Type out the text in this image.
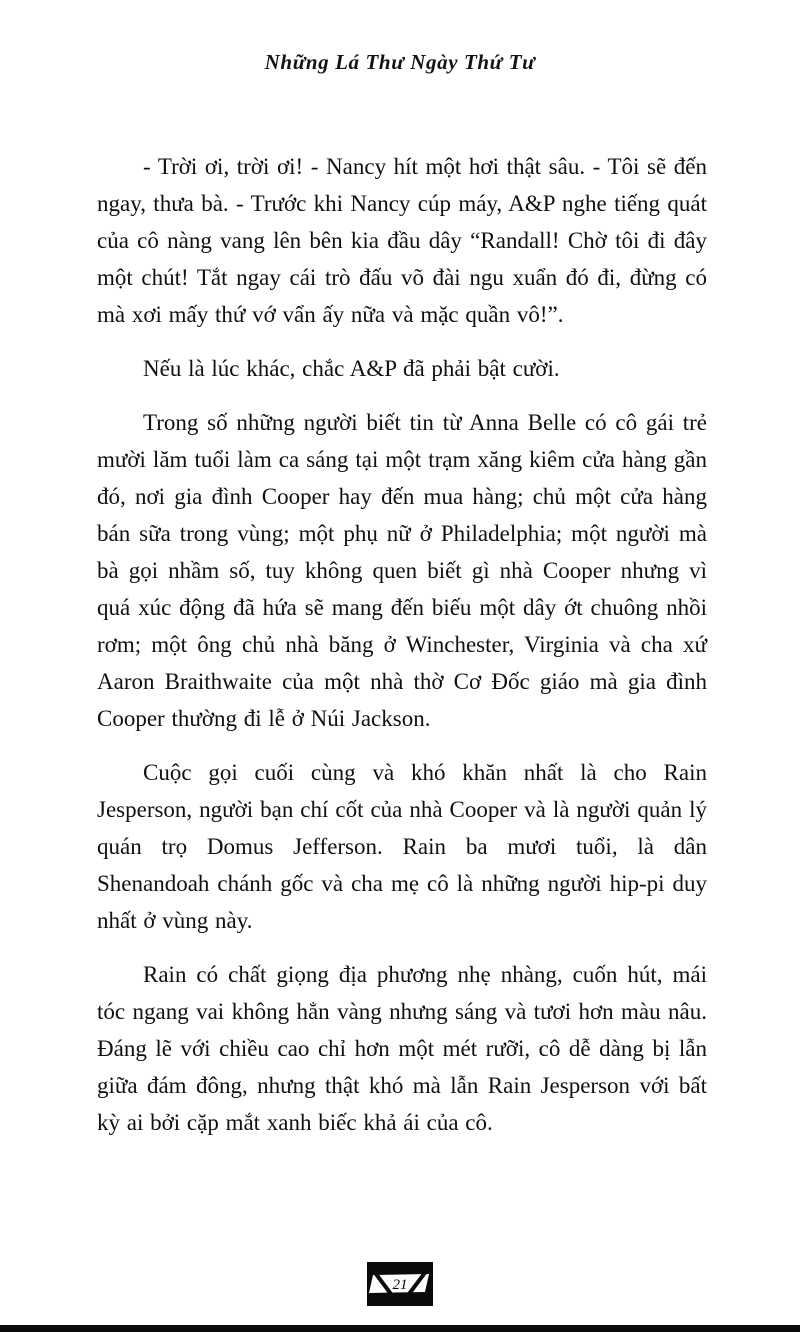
Những Lá Thư Ngày Thứ Tư

- Trời ơi, trời ơi! - Nancy hít một hơi thật sâu. - Tôi sẽ đến ngay, thưa bà. - Trước khi Nancy cúp máy, A&P nghe tiếng quát của cô nàng vang lên bên kia đầu dây “Randall! Chờ tôi đi đây một chút! Tắt ngay cái trò đấu võ đài ngu xuẩn đó đi, đừng có mà xơi mấy thứ vớ vẩn ấy nữa và mặc quần vô!”.

Nếu là lúc khác, chắc A&P đã phải bật cười.

Trong số những người biết tin từ Anna Belle có cô gái trẻ mười lăm tuổi làm ca sáng tại một trạm xăng kiêm cửa hàng gần đó, nơi gia đình Cooper hay đến mua hàng; chủ một cửa hàng bán sữa trong vùng; một phụ nữ ở Philadelphia; một người mà bà gọi nhầm số, tuy không quen biết gì nhà Cooper nhưng vì quá xúc động đã hứa sẽ mang đến biếu một dây ớt chuông nhồi rơm; một ông chủ nhà băng ở Winchester, Virginia và cha xứ Aaron Braithwaite của một nhà thờ Cơ Đốc giáo mà gia đình Cooper thường đi lễ ở Núi Jackson.

Cuộc gọi cuối cùng và khó khăn nhất là cho Rain Jesperson, người bạn chí cốt của nhà Cooper và là người quản lý quán trọ Domus Jefferson. Rain ba mươi tuổi, là dân Shenandoah chánh gốc và cha mẹ cô là những người hip-pi duy nhất ở vùng này.

Rain có chất giọng địa phương nhẹ nhàng, cuốn hút, mái tóc ngang vai không hẳn vàng nhưng sáng và tươi hơn màu nâu. Đáng lẽ với chiều cao chỉ hơn một mét rưỡi, cô dễ dàng bị lẫn giữa đám đông, nhưng thật khó mà lẫn Rain Jesperson với bất kỳ ai bởi cặp mắt xanh biếc khả ái của cô.

21
